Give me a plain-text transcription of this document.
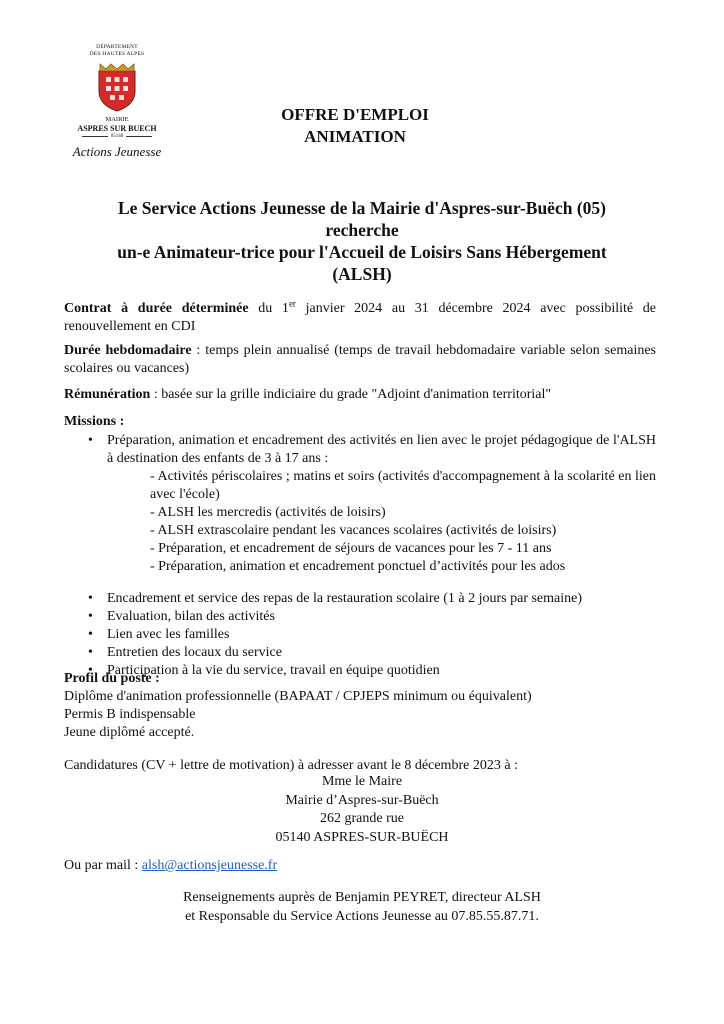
DÉPARTEMENT
DES HAUTES ALPES
MAIRIE
ASPRES SUR BUECH
05140
Actions Jeunesse
OFFRE D'EMPLOI
ANIMATION
Le Service Actions Jeunesse de la Mairie d'Aspres-sur-Buëch (05)
recherche
un-e Animateur-trice pour l'Accueil de Loisirs Sans Hébergement
(ALSH)
Contrat à durée déterminée du 1er janvier 2024 au 31 décembre 2024 avec possibilité de renouvellement en CDI
Durée hebdomadaire : temps plein annualisé (temps de travail hebdomadaire variable selon semaines scolaires ou vacances)
Rémunération : basée sur la grille indiciaire du grade "Adjoint d'animation territorial"
Missions :
• Préparation, animation et encadrement des activités en lien avec le projet pédagogique de l'ALSH à destination des enfants de 3 à 17 ans :
- Activités périscolaires ; matins et soirs (activités d'accompagnement à la scolarité en lien avec l'école)
- ALSH les mercredis (activités de loisirs)
- ALSH extrascolaire pendant les vacances scolaires (activités de loisirs)
- Préparation, et encadrement de séjours de vacances pour les 7 - 11 ans
- Préparation, animation et encadrement ponctuel d’activités pour les ados
• Encadrement et service des repas de la restauration scolaire (1 à 2 jours par semaine)
• Evaluation, bilan des activités
• Lien avec les familles
• Entretien des locaux du service
• Participation à la vie du service, travail en équipe quotidien
Profil du poste :
Diplôme d'animation professionnelle (BAPAAT / CPJEPS minimum ou équivalent)
Permis B indispensable
Jeune diplômé accepté.
Candidatures (CV + lettre de motivation) à adresser avant le 8 décembre 2023 à :
Mme le Maire
Mairie d’Aspres-sur-Buëch
262 grande rue
05140 ASPRES-SUR-BUËCH
Ou par mail : alsh@actionsjeunesse.fr
Renseignements auprès de Benjamin PEYRET, directeur ALSH
et Responsable du Service Actions Jeunesse au 07.85.55.87.71.
